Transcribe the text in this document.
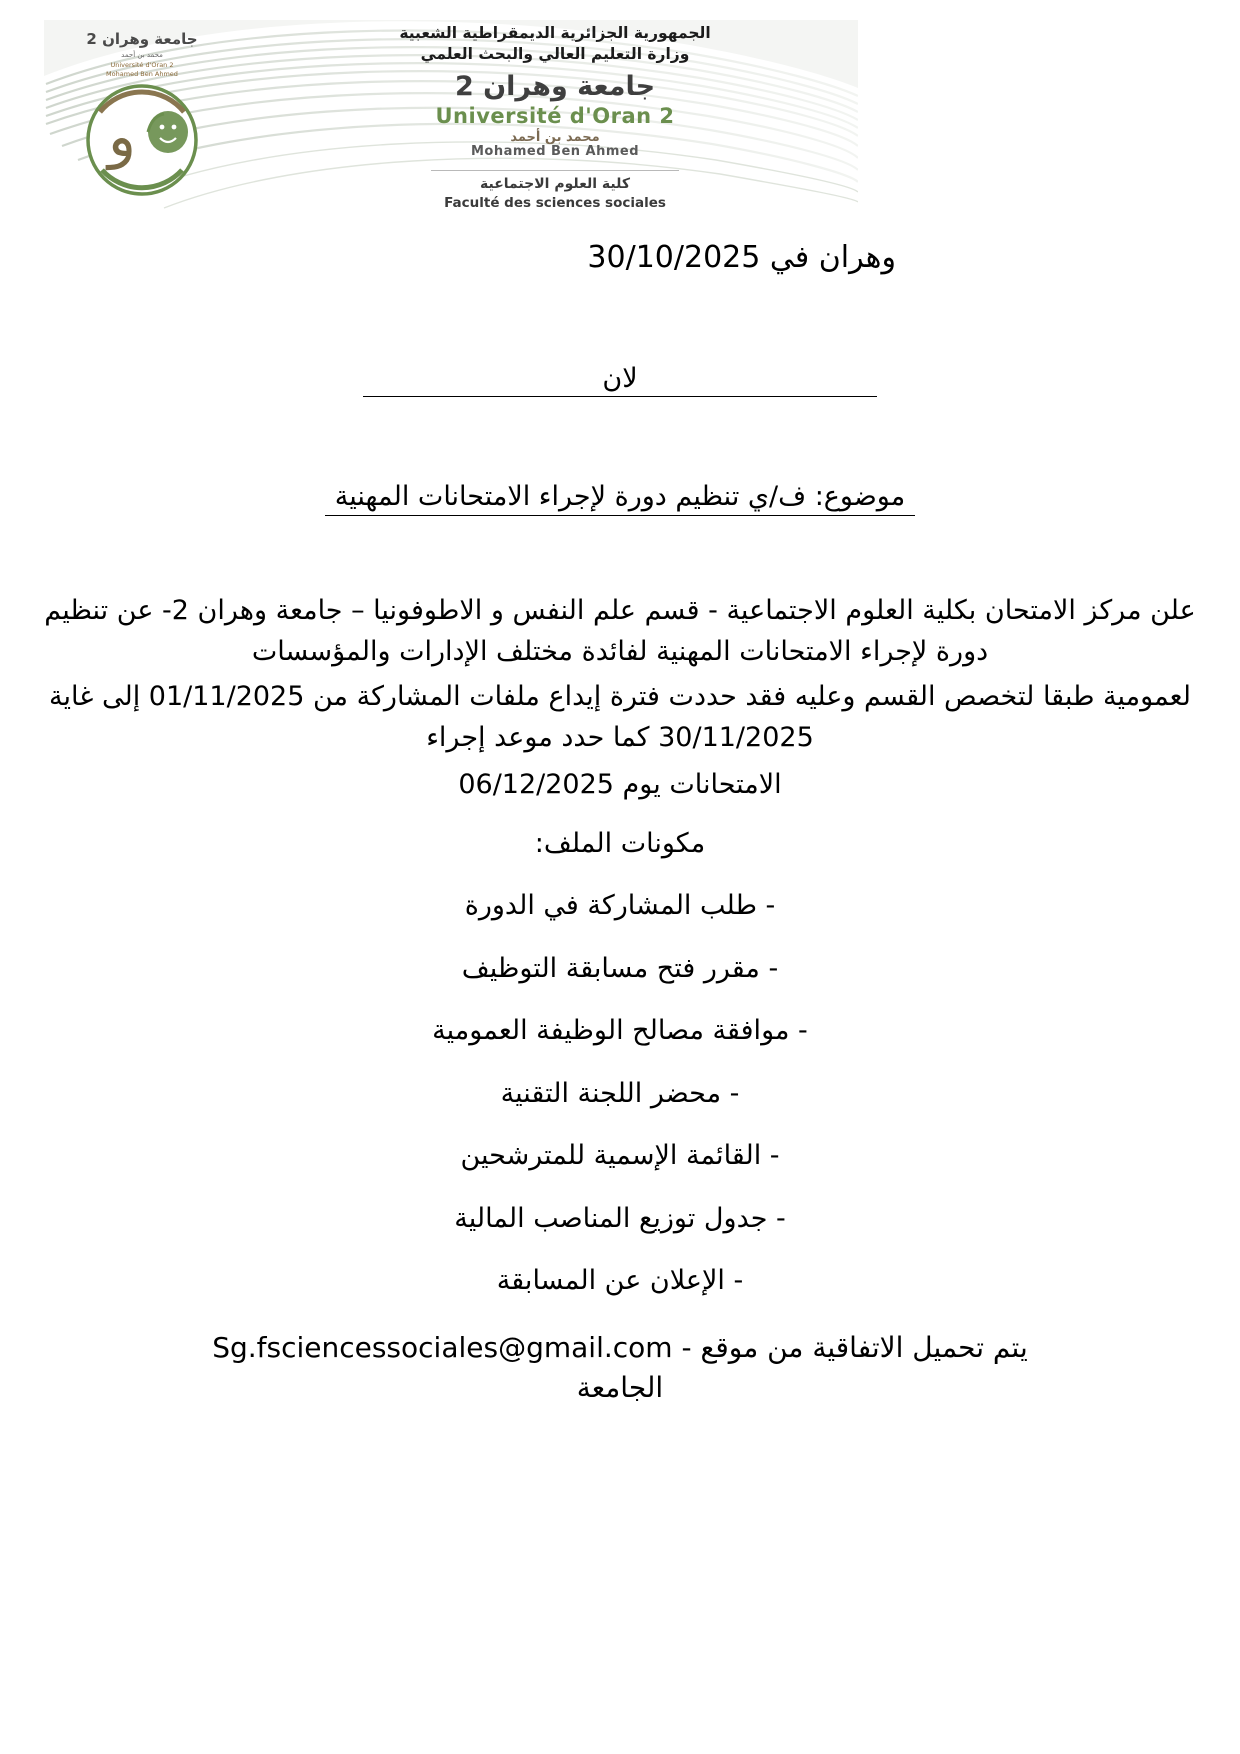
جامعة وهران 2
محمد بن أحمد
Université d'Oran 2
Mohamed Ben Ahmed
و
الجمهورية الجزائرية الديمقراطية الشعبية
وزارة التعليم العالي والبحث العلمي
جامعة وهران 2
Université d'Oran 2
محمد بن أحمد
Mohamed Ben Ahmed
كلية العلوم الاجتماعية
Faculté des sciences sociales
وهران في 30/10/2025
لان
موضوع: ف/ي تنظيم دورة لإجراء الامتحانات المهنية
علن مركز الامتحان بكلية العلوم الاجتماعية - قسم علم النفس و الاطوفونيا – جامعة وهران 2- عن تنظيم دورة لإجراء الامتحانات المهنية لفائدة مختلف الإدارات والمؤسسات
لعمومية طبقا لتخصص القسم وعليه فقد حددت فترة إيداع ملفات المشاركة من 01/11/2025 إلى غاية 30/11/2025 كما حدد موعد إجراء
الامتحانات يوم 06/12/2025
مكونات الملف:
- طلب المشاركة في الدورة
- مقرر فتح مسابقة التوظيف
- موافقة مصالح الوظيفة العمومية
- محضر اللجنة التقنية
- القائمة الإسمية للمترشحين
- جدول توزيع المناصب المالية
- الإعلان عن المسابقة
يتم تحميل الاتفاقية من موقع - Sg.fsciencessociales@gmail.com
الجامعة
